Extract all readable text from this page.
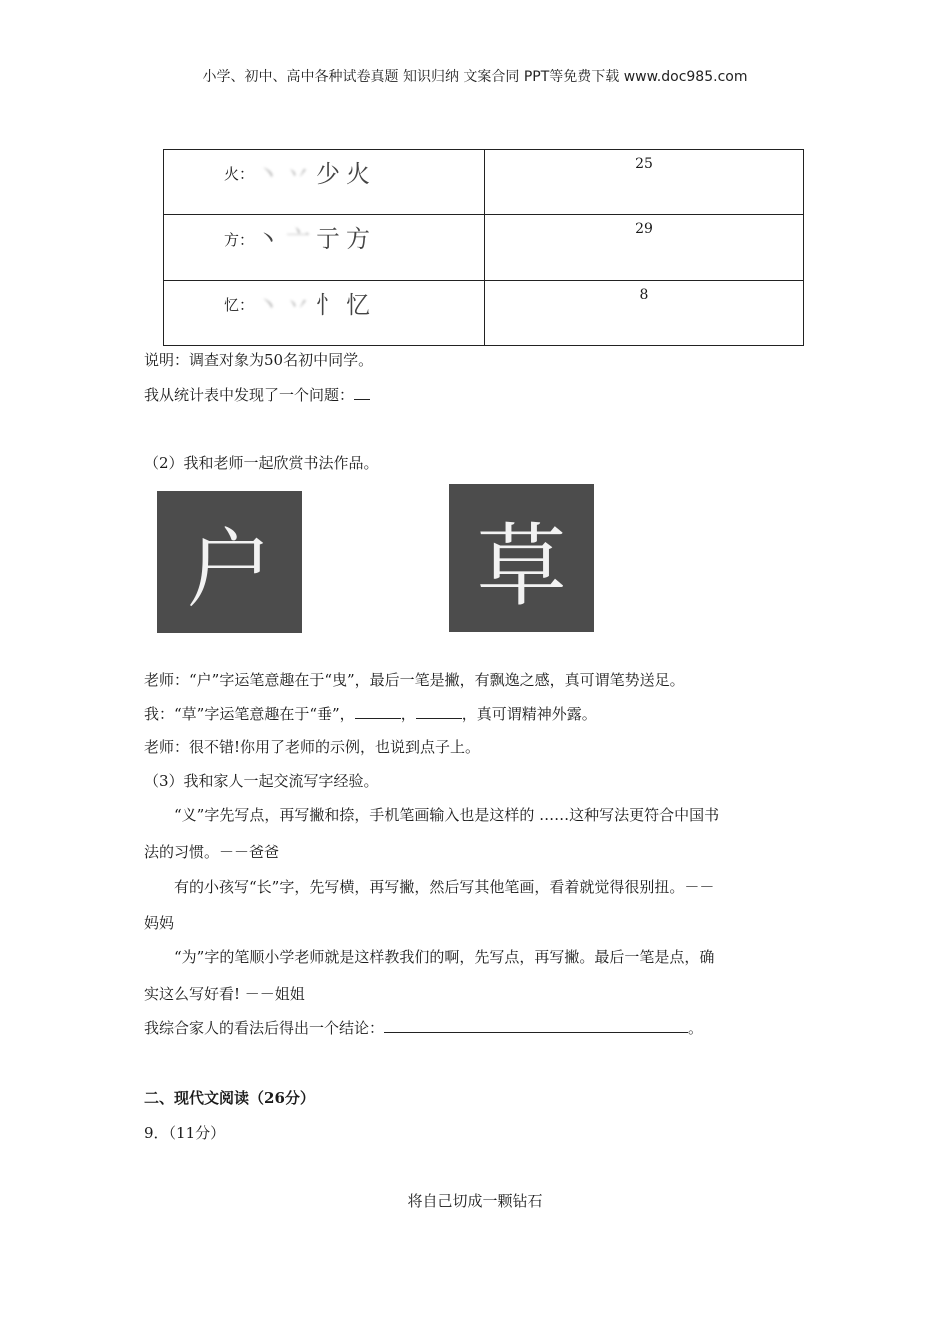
小学、初中、高中各种试卷真题 知识归纳 文案合同 PPT等免费下载 www.doc985.com
火： 丶丷少火	25

方： 丶亠亍方	29

忆： 丶丷忄忆	8
说明：调查对象为50名初中同学。
我从统计表中发现了一个问题：
（2）我和老师一起欣赏书法作品。
户	草
老师：“户”字运笔意趣在于“曳”，最后一笔是撇，有飘逸之感，真可谓笔势送足。
我：“草”字运笔意趣在于“垂”，	，	，真可谓精神外露。
老师：很不错!你用了老师的示例，也说到点子上。
（3）我和家人一起交流写字经验。
“义”字先写点，再写撇和捺，手机笔画输入也是这样的 ……这种写法更符合中国书
法的习惯。－－爸爸
有的小孩写“长”字，先写横，再写撇，然后写其他笔画，看着就觉得很别扭。－－
妈妈
“为”字的笔顺小学老师就是这样教我们的啊，先写点，再写撇。最后一笔是点，确
实这么写好看! －－姐姐
我综合家人的看法后得出一个结论：	。
二、现代文阅读（26分）
9．（11分）
将自己切成一颗钻石
